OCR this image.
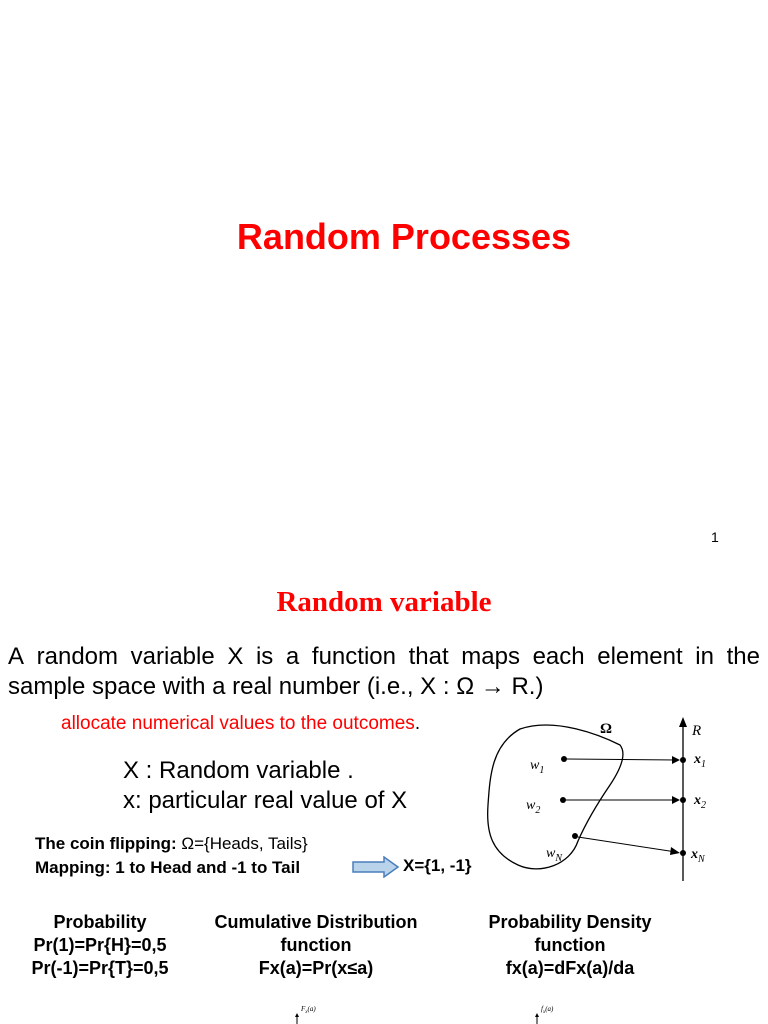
Random Processes
1
Random variable
A random variable X is a function that maps each element in the
sample space with a real number (i.e., X : Ω → R.)
allocate numerical values to the outcomes.
X : Random variable .
x: particular real value of X
The coin flipping: Ω={Heads, Tails}
Mapping: 1 to Head and -1 to Tail	X={1, -1}
Ω	R
$w_1$
$w_2$
$w_N$
$x_1$
$x_2$
$x_N$
Probability
Pr(1)=Pr{H}=0,5
Pr(-1)=Pr{T}=0,5
Cumulative Distribution
function
Fx(a)=Pr(x≤a)
Probability Density
function
fx(a)=dFx(a)/da
$F_x(a)$	$f_x(a)$
